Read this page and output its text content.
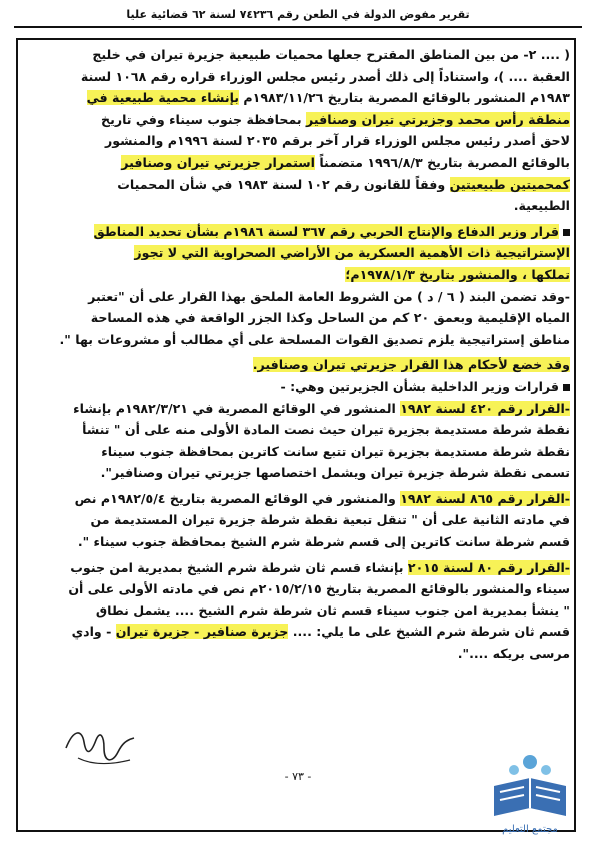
تقرير مفوض الدولة في الطعن رقم ٧٤٢٣٦ لسنة ٦٢ قضائية عليا
( .... ٢- من بين المناطق المقترح جعلها محميات طبيعية جزيرة تيران في خليج
العقبة .... )، واستناداً إلى ذلك أصدر رئيس مجلس الوزراء قراره رقم ١٠٦٨ لسنة
١٩٨٣م المنشور بالوقائع المصرية بتاريخ ١٩٨٣/١١/٢٦م بإنشاء محمية طبيعية في
منطقة رأس محمد وجزيرتي تيران وصنافير بمحافظة جنوب سيناء وفي تاريخ
لاحق أصدر رئيس مجلس الوزراء قرار آخر برقم ٢٠٣٥ لسنة ١٩٩٦م والمنشور
بالوقائع المصرية بتاريخ ١٩٩٦/٨/٣ متضمناً استمرار جزيرتي تيران وصنافير
كمحميتين طبيعيتين وفقاً للقانون رقم ١٠٢ لسنة ١٩٨٣ في شأن المحميات
الطبيعية.
قرار وزير الدفاع والإنتاج الحربي رقم ٣٦٧ لسنة ١٩٨٦م بشأن تحديد المناطق
الإستراتيجية ذات الأهمية العسكرية من الأراضي الصحراوية التي لا تجوز
تملكها ، والمنشور بتاريخ ١٩٧٨/١/٣م؛
-وقد تضمن البند ( ٦ / د ) من الشروط العامة الملحق بهذا القرار على أن "تعتبر
المياه الإقليمية وبعمق ٢٠ كم من الساحل وكذا الجزر الواقعة في هذه المساحة
مناطق إستراتيجية يلزم تصديق القوات المسلحة على أي مطالب أو مشروعات بها ".
وقد خضع لأحكام هذا القرار جزيرتي تيران وصنافير.
قرارات وزير الداخلية بشأن الجزيرتين وهي: -
-القرار رقم ٤٢٠ لسنة ١٩٨٢ المنشور في الوقائع المصرية في ١٩٨٢/٣/٢١م بإنشاء
نقطة شرطة مستديمة بجزيرة تيران حيث نصت المادة الأولى منه على أن " تنشأ
نقطة شرطة مستديمة بجزيرة تيران تتبع سانت كاترين بمحافظة جنوب سيناء
تسمى نقطة شرطة جزيرة تيران ويشمل اختصاصها جزيرتي تيران وصنافير".
-القرار رقم ٨٦٥ لسنة ١٩٨٢ والمنشور في الوقائع المصرية بتاريخ ١٩٨٢/٥/٤م نص
في مادته الثانية على أن " تنقل تبعية نقطة شرطة جزيرة تيران المستديمة من
قسم شرطة سانت كاترين إلى قسم شرطة شرم الشيخ بمحافظة جنوب سيناء ".
-القرار رقم ٨٠ لسنة ٢٠١٥ بإنشاء قسم ثان شرطة شرم الشيخ بمديرية امن جنوب
سيناء والمنشور بالوقائع المصرية بتاريخ ٢٠١٥/٢/١٥م نص في مادته الأولى على أن
" ينشأ بمديرية امن جنوب سيناء قسم ثان شرطة شرم الشيخ .... يشمل نطاق
قسم ثان شرطة شرم الشيخ على ما يلي: .... جزيرة صنافير - جزيرة تيران - وادي
مرسى بريكه ....".
- ٧٣ -
مجتمع التعليم
